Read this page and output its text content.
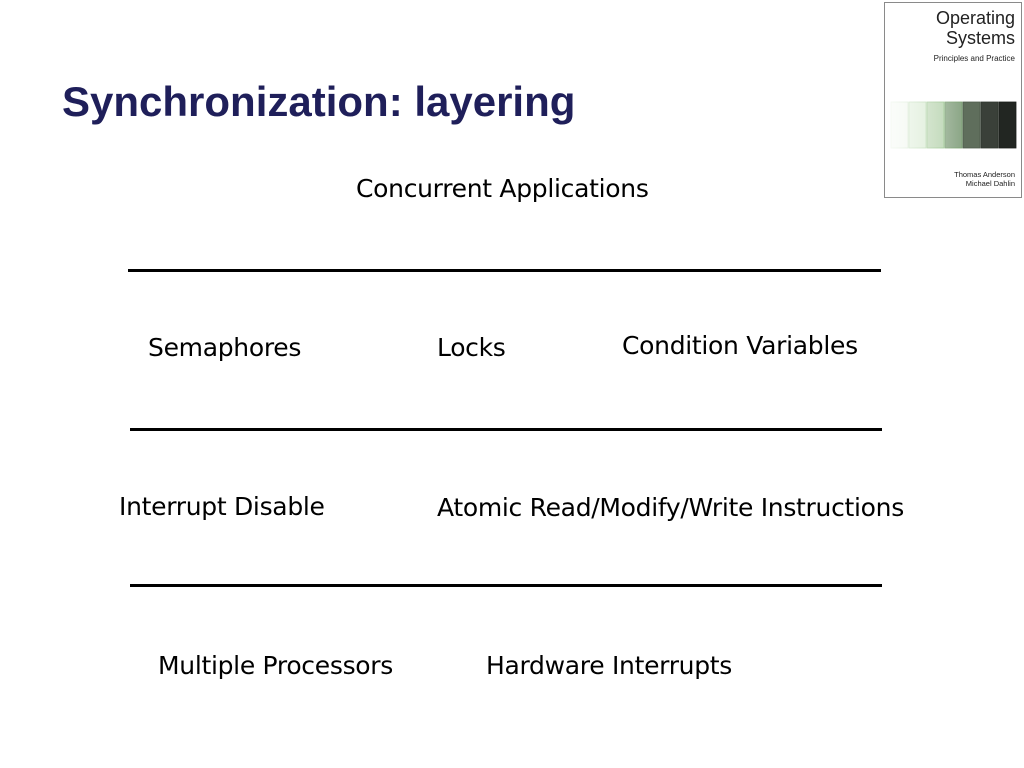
Synchronization: layering
Operating
Systems
Principles and Practice
Thomas Anderson
Michael Dahlin
Concurrent Applications
Semaphores	Locks	Condition Variables
Interrupt Disable	Atomic Read/Modify/Write Instructions
Multiple Processors	Hardware Interrupts
